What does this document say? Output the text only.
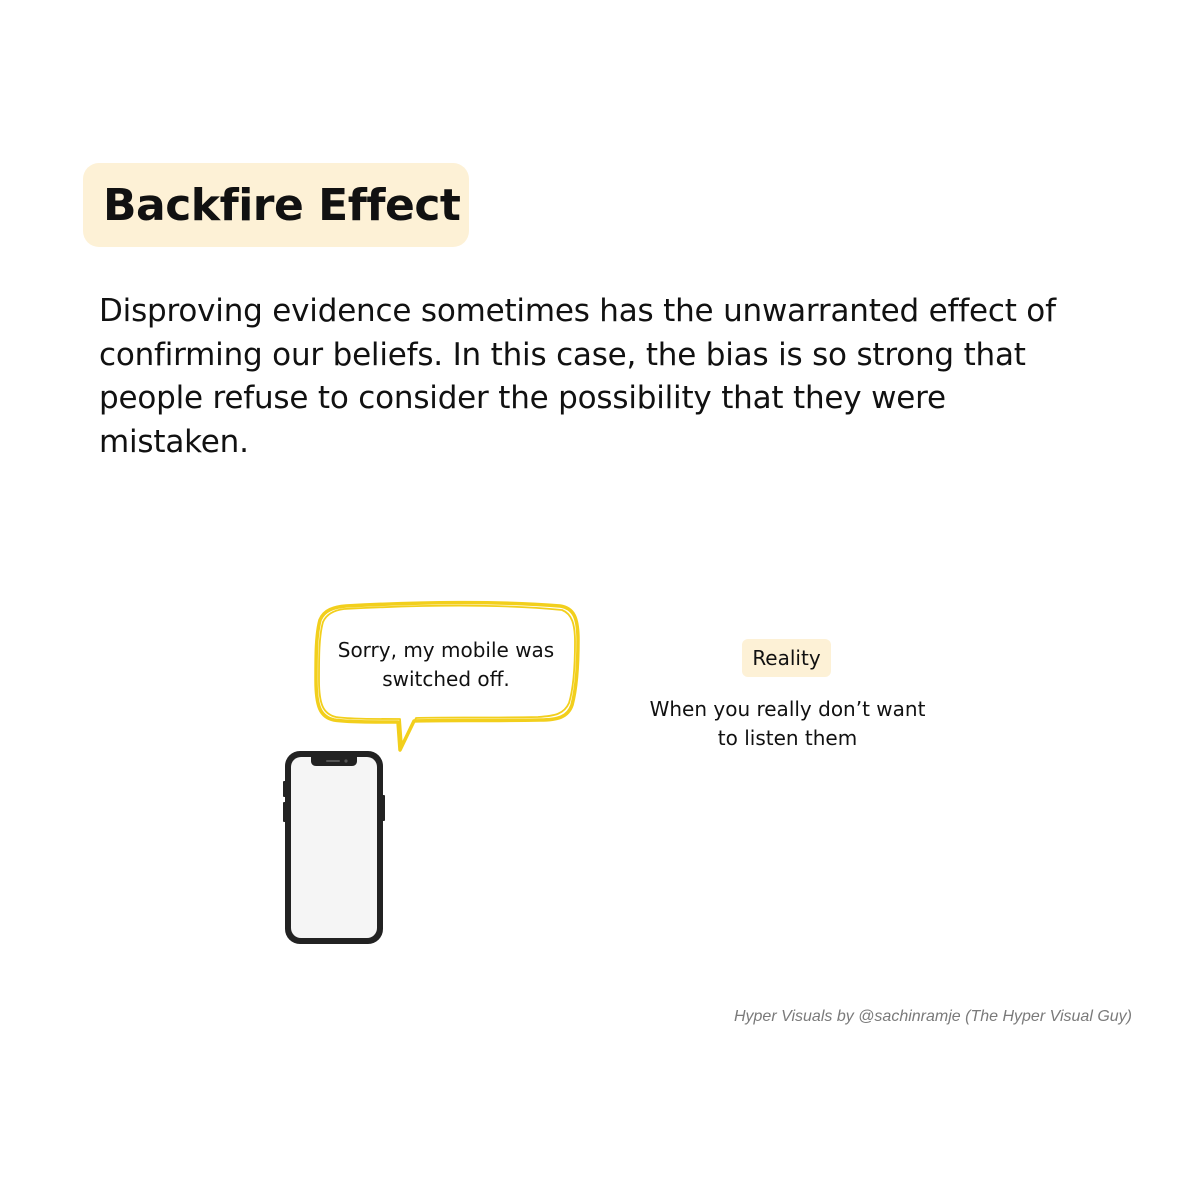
Backfire Effect

Disproving evidence sometimes has the unwarranted effect of confirming our beliefs. In this case, the bias is so strong that people refuse to consider the possibility that they were mistaken.

Sorry, my mobile was switched off.
Reality
When you really don’t want to listen them
Hyper Visuals by @sachinramje (The Hyper Visual Guy)
